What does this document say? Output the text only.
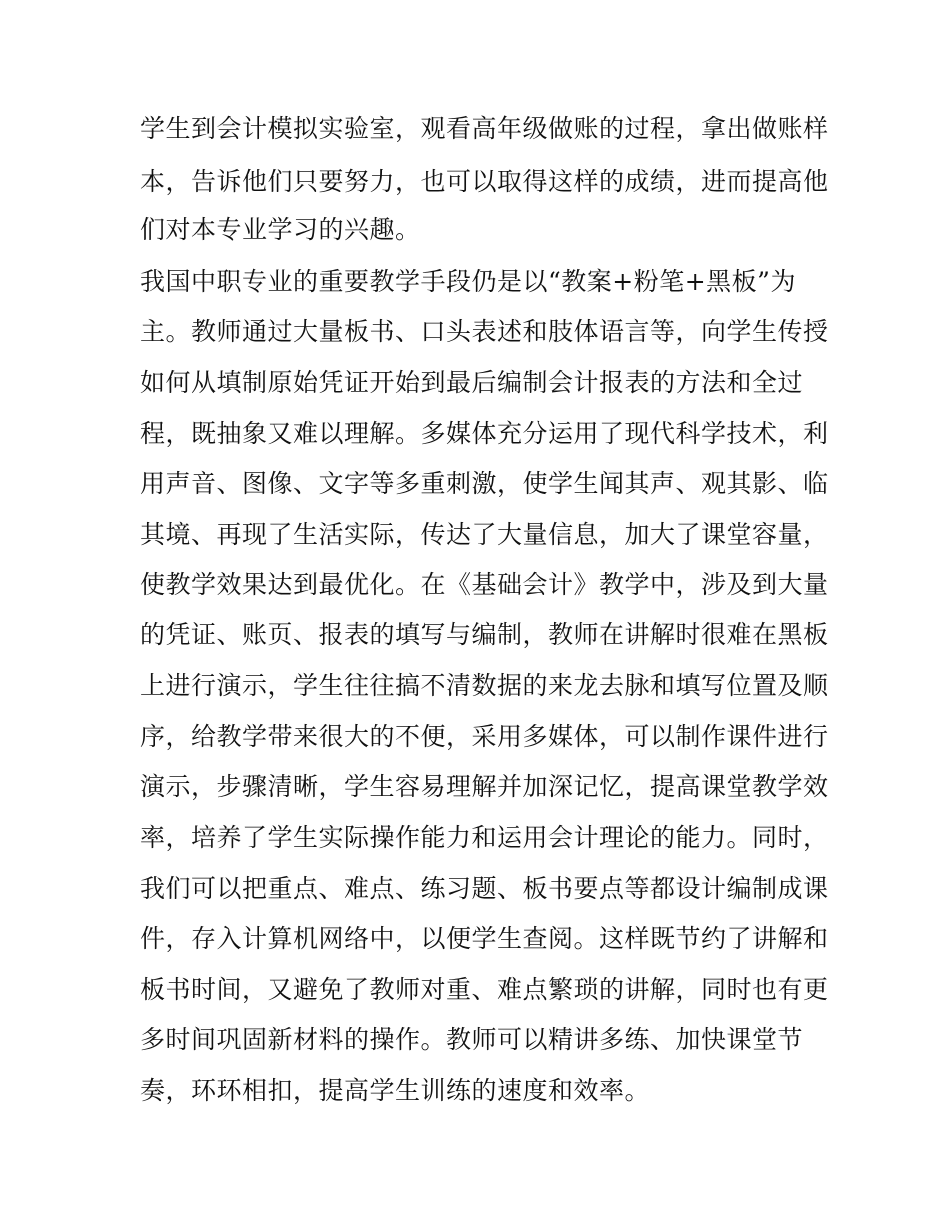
学生到会计模拟实验室，观看高年级做账的过程，拿出做账样
本，告诉他们只要努力，也可以取得这样的成绩，进而提高他
们对本专业学习的兴趣。
我国中职专业的重要教学手段仍是以“教案+粉笔+黑板”为
主。教师通过大量板书、口头表述和肢体语言等，向学生传授
如何从填制原始凭证开始到最后编制会计报表的方法和全过
程，既抽象又难以理解。多媒体充分运用了现代科学技术，利
用声音、图像、文字等多重刺激，使学生闻其声、观其影、临
其境、再现了生活实际，传达了大量信息，加大了课堂容量，
使教学效果达到最优化。在《基础会计》教学中，涉及到大量
的凭证、账页、报表的填写与编制，教师在讲解时很难在黑板
上进行演示，学生往往搞不清数据的来龙去脉和填写位置及顺
序，给教学带来很大的不便，采用多媒体，可以制作课件进行
演示，步骤清晰，学生容易理解并加深记忆，提高课堂教学效
率，培养了学生实际操作能力和运用会计理论的能力。同时，
我们可以把重点、难点、练习题、板书要点等都设计编制成课
件，存入计算机网络中，以便学生查阅。这样既节约了讲解和
板书时间，又避免了教师对重、难点繁琐的讲解，同时也有更
多时间巩固新材料的操作。教师可以精讲多练、加快课堂节
奏，环环相扣，提高学生训练的速度和效率。
